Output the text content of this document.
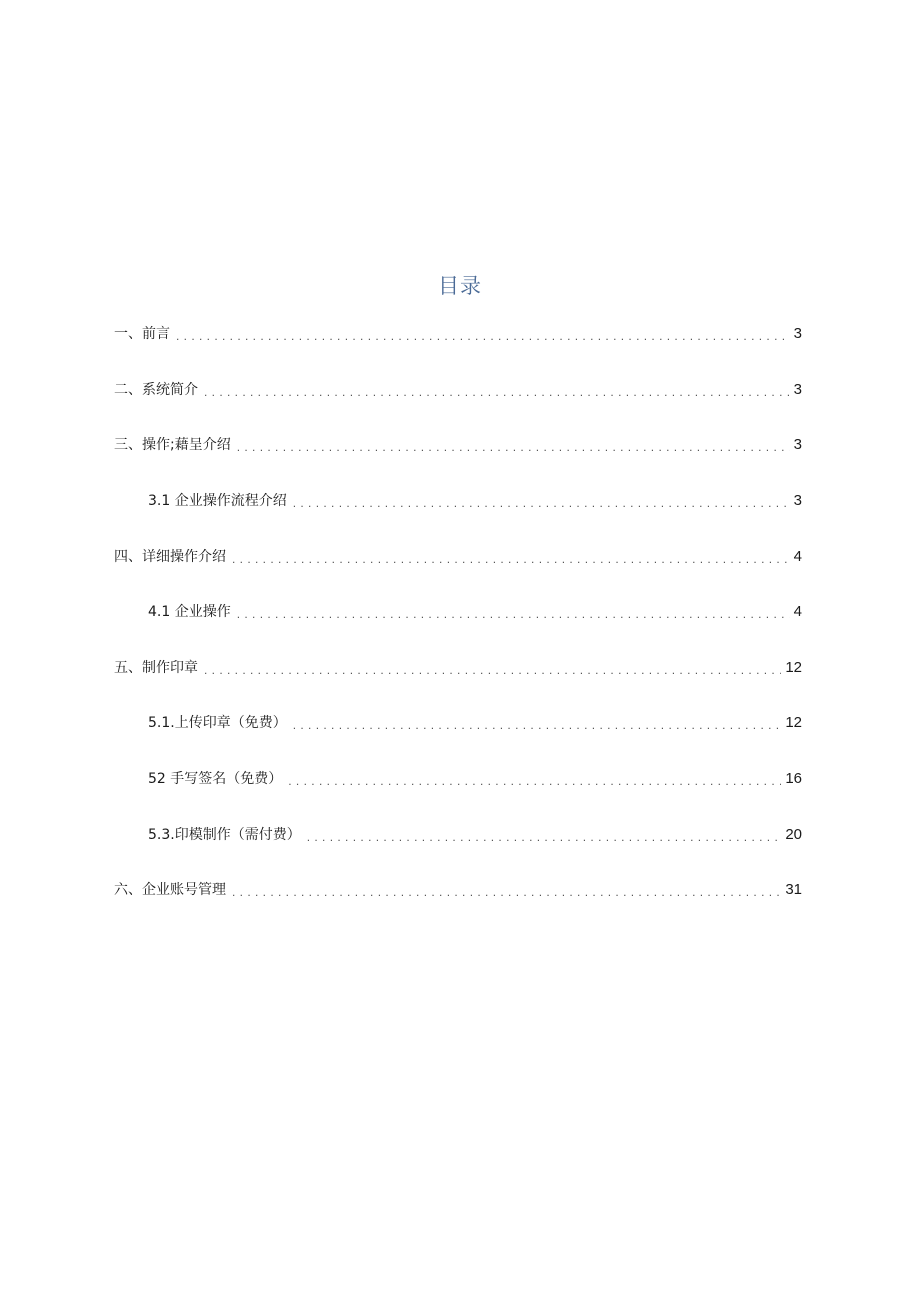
目录
一、前言 . . .	3
二、系统简介 . . .	3
三、操作;藉呈介绍 . . .	3
3.1 企业操作流程介绍 . . .	3
四、详细操作介绍 . . .	4
4.1 企业操作 . . .	4
五、制作印章 . . .	12
5.1.上传印章（免费） . . .	12
52 手写签名（免费） . . .	16
5.3.印模制作（需付费） . . .	20
六、企业账号管理 . . .	31
